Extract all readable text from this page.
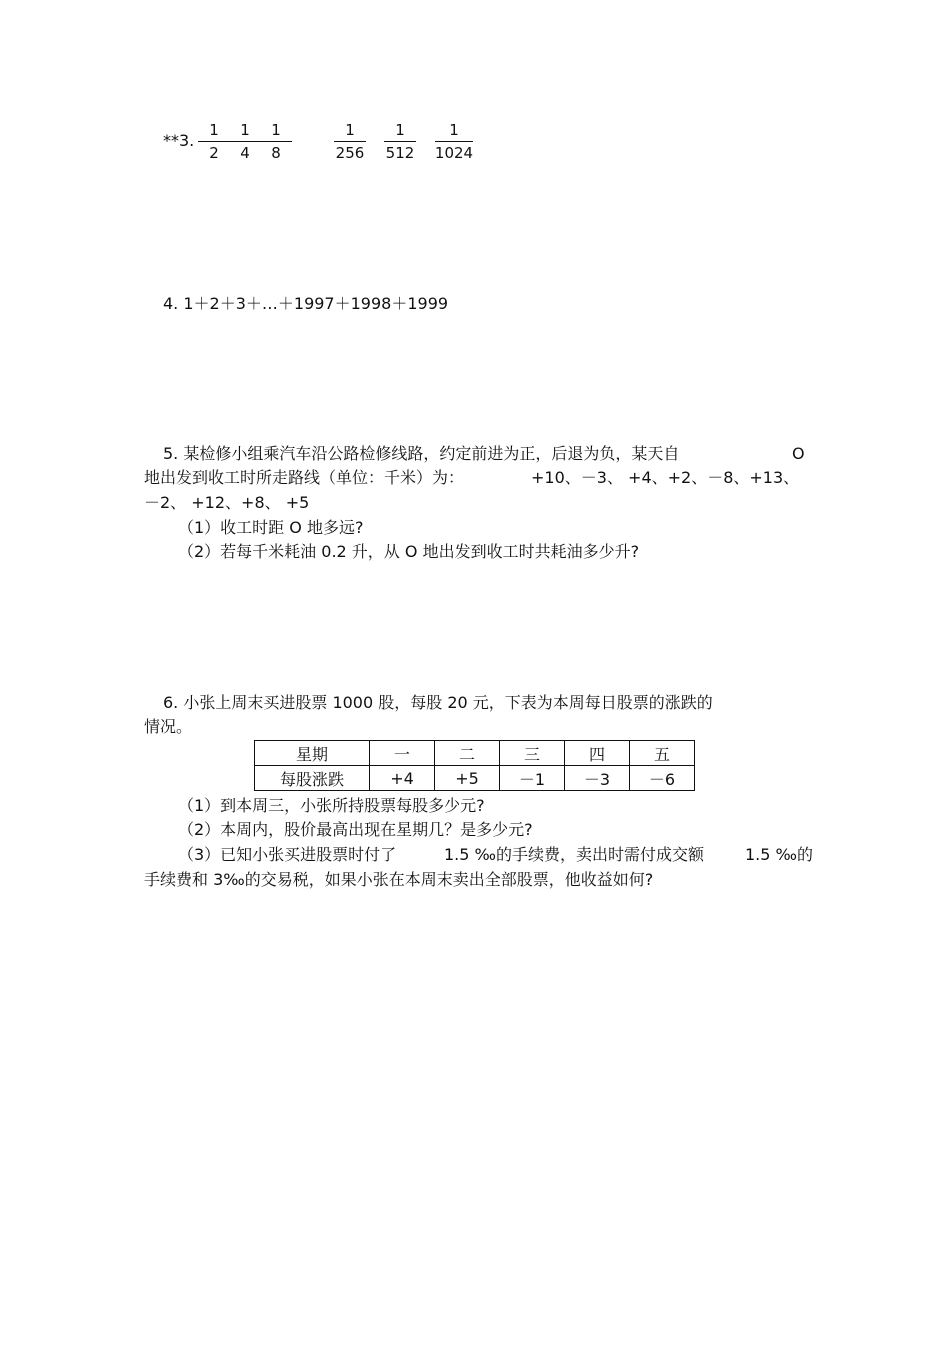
**3.
1
2
1
4
1
8
1
256
1
512
1
1024
4. 1＋2＋3＋…＋1997＋1998＋1999
5. 某检修小组乘汽车沿公路检修线路，约定前进为正，后退为负，某天自	O
地出发到收工时所走路线（单位：千米）为：	+10、－3、 +4、+2、－8、+13、
－2、 +12、+8、 +5
（1）收工时距 O 地多远?
（2）若每千米耗油 0.2 升，从 O 地出发到收工时共耗油多少升?
6. 小张上周末买进股票 1000 股，每股 20 元，下表为本周每日股票的涨跌的
情况。
星期	一	二	三	四	五
每股涨跌	+4	+5	－1	－3	－6
（1）到本周三，小张所持股票每股多少元?
（2）本周内，股价最高出现在星期几？是多少元?
（3）已知小张买进股票时付了	1.5 ‰的手续费，卖出时需付成交额	1.5 ‰的
手续费和 3‰的交易税，如果小张在本周末卖出全部股票，他收益如何?
